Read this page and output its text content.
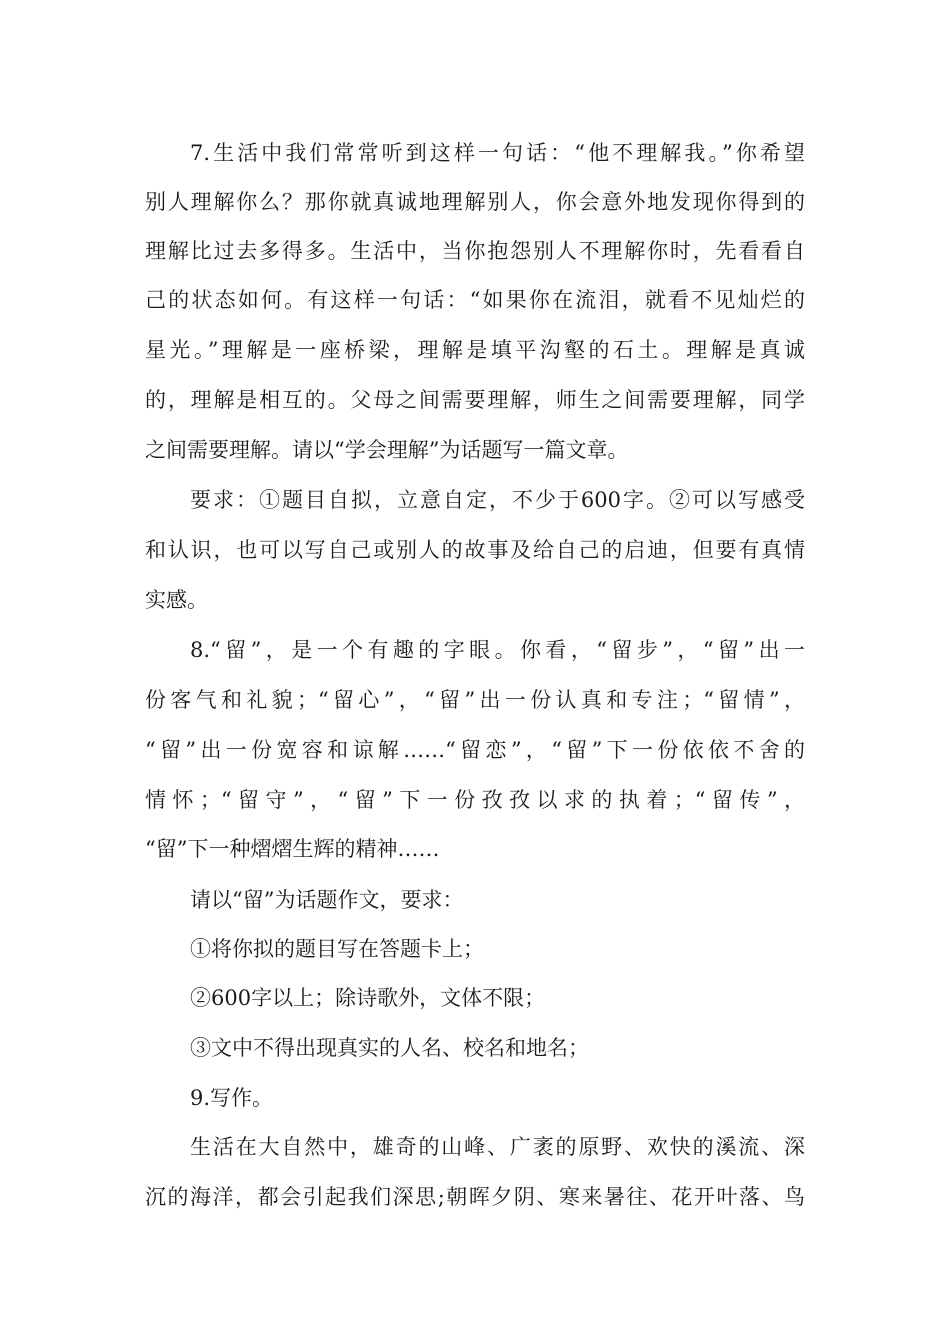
7.生活中我们常常听到这样一句话：“他不理解我。”你希望
别人理解你么？那你就真诚地理解别人，你会意外地发现你得到的
理解比过去多得多。生活中，当你抱怨别人不理解你时，先看看自
己的状态如何。有这样一句话：“如果你在流泪，就看不见灿烂的
星光。”理解是一座桥梁，理解是填平沟壑的石土。理解是真诚
的，理解是相互的。父母之间需要理解，师生之间需要理解，同学
之间需要理解。请以“学会理解”为话题写一篇文章。
要求：①题目自拟，立意自定，不少于600字。②可以写感受
和认识，也可以写自己或别人的故事及给自己的启迪，但要有真情
实感。
8.“留”，是一个有趣的字眼。你看，“留步”，“留”出一
份客气和礼貌；“留心”，“留”出一份认真和专注；“留情”，
“留”出一份宽容和谅解……“留恋”，“留”下一份依依不舍的
情怀；“留守”，“留”下一份孜孜以求的执着；“留传”，
“留”下一种熠熠生辉的精神……
请以“留”为话题作文，要求：
①将你拟的题目写在答题卡上；
②600字以上；除诗歌外，文体不限；
③文中不得出现真实的人名、校名和地名；
9.写作。
生活在大自然中，雄奇的山峰、广袤的原野、欢快的溪流、深
沉的海洋，都会引起我们深思;朝晖夕阴、寒来暑往、花开叶落、鸟
